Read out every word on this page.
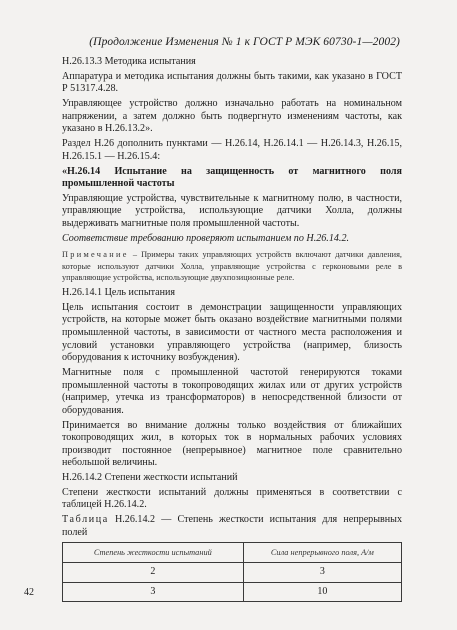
(Продолжение Изменения № 1 к ГОСТ Р МЭК 60730-1—2002)

Н.26.13.3 Методика испытания

Аппаратура и методика испытания должны быть такими, как указано в ГОСТ Р 51317.4.28.

Управляющее устройство должно изначально работать на номинальном напряжении, а затем должно быть подвергнуто изменениям частоты, как указано в Н.26.13.2».

Раздел Н.26 дополнить пунктами — Н.26.14, Н.26.14.1 — Н.26.14.3, Н.26.15, Н.26.15.1 — Н.26.15.4:

«Н.26.14 Испытание на защищенность от магнитного поля промышленной частоты

Управляющие устройства, чувствительные к магнитному полю, в частности, управляющие устройства, использующие датчики Холла, должны выдерживать магнитные поля промышленной частоты.

Соответствие требованию проверяют испытанием по Н.26.14.2.

Примечание – Примеры таких управляющих устройств включают датчики давления, которые используют датчики Холла, управляющие устройства с герконовыми реле в управляющие устройства, использующие двухпозиционные реле.

Н.26.14.1 Цель испытания

Цель испытания состоит в демонстрации защищенности управляющих устройств, на которые может быть оказано воздействие магнитными полями промышленной частоты, в зависимости от частного места расположения и условий установки управляющего устройства (например, близость оборудования к источнику возбуждения).

Магнитные поля с промышленной частотой генерируются токами промышленной частоты в токопроводящих жилах или от других устройств (например, утечка из трансформаторов) в непосредственной близости от оборудования.

Принимается во внимание должны только воздействия от ближайших токопроводящих жил, в которых ток в нормальных рабочих условиях производит постоянное (непрерывное) магнитное поле сравнительно небольшой величины.

Н.26.14.2 Степени жесткости испытаний

Степени жесткости испытаний должны применяться в соответствии с таблицей Н.26.14.2.

Таблица Н.26.14.2 — Степень жесткости испытания для непрерывных полей

Степень жесткости испытаний	Сила непрерывного поля, А/м
2	3
3	10
42
